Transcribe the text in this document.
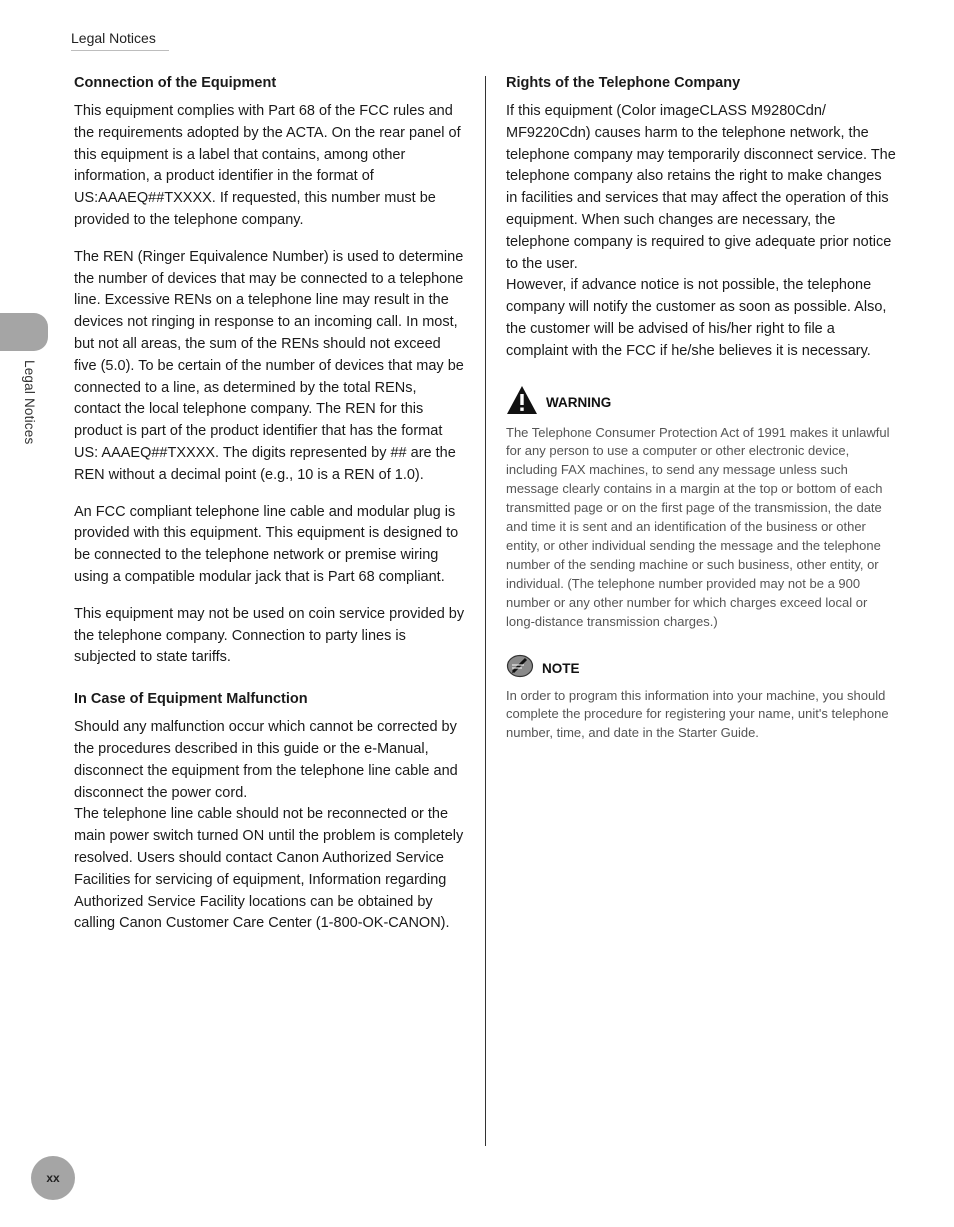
Legal Notices
Legal Notices
Connection of the Equipment

This equipment complies with Part 68 of the FCC rules and the requirements adopted by the ACTA. On the rear panel of this equipment is a label that contains, among other information, a product identifier in the format of US:AAAEQ##TXXXX. If requested, this number must be provided to the telephone company.

The REN (Ringer Equivalence Number) is used to determine the number of devices that may be connected to a telephone line. Excessive RENs on a telephone line may result in the devices not ringing in response to an incoming call. In most, but not all areas, the sum of the RENs should not exceed five (5.0). To be certain of the number of devices that may be connected to a line, as determined by the total RENs, contact the local telephone company. The REN for this product is part of the product identifier that has the format US: AAAEQ##TXXXX. The digits represented by ## are the REN without a decimal point (e.g., 10 is a REN of 1.0).

An FCC compliant telephone line cable and modular plug is provided with this equipment. This equipment is designed to be connected to the telephone network or premise wiring using a compatible modular jack that is Part 68 compliant.

This equipment may not be used on coin service provided by the telephone company. Connection to party lines is subjected to state tariffs.

In Case of Equipment Malfunction

Should any malfunction occur which cannot be corrected by the procedures described in this guide or the e-Manual, disconnect the equipment from the telephone line cable and disconnect the power cord.

The telephone line cable should not be reconnected or the main power switch turned ON until the problem is completely resolved. Users should contact Canon Authorized Service Facilities for servicing of equipment, Information regarding Authorized Service Facility locations can be obtained by calling Canon Customer Care Center (1-800-OK-CANON).

Rights of the Telephone Company

If this equipment (Color imageCLASS M9280Cdn/ MF9220Cdn) causes harm to the telephone network, the telephone company may temporarily disconnect service. The telephone company also retains the right to make changes in facilities and services that may affect the operation of this equipment. When such changes are necessary, the telephone company is required to give adequate prior notice to the user.

However, if advance notice is not possible, the telephone company will notify the customer as soon as possible. Also, the customer will be advised of his/her right to file a complaint with the FCC if he/she believes it is necessary.

WARNING

The Telephone Consumer Protection Act of 1991 makes it unlawful for any person to use a computer or other electronic device, including FAX machines, to send any message unless such message clearly contains in a margin at the top or bottom of each transmitted page or on the first page of the transmission, the date and time it is sent and an identification of the business or other entity, or other individual sending the message and the telephone number of the sending machine or such business, other entity, or individual. (The telephone number provided may not be a 900 number or any other number for which charges exceed local or long-distance transmission charges.)

NOTE

In order to program this information into your machine, you should complete the procedure for registering your name, unit's telephone number, time, and date in the Starter Guide.

xx
